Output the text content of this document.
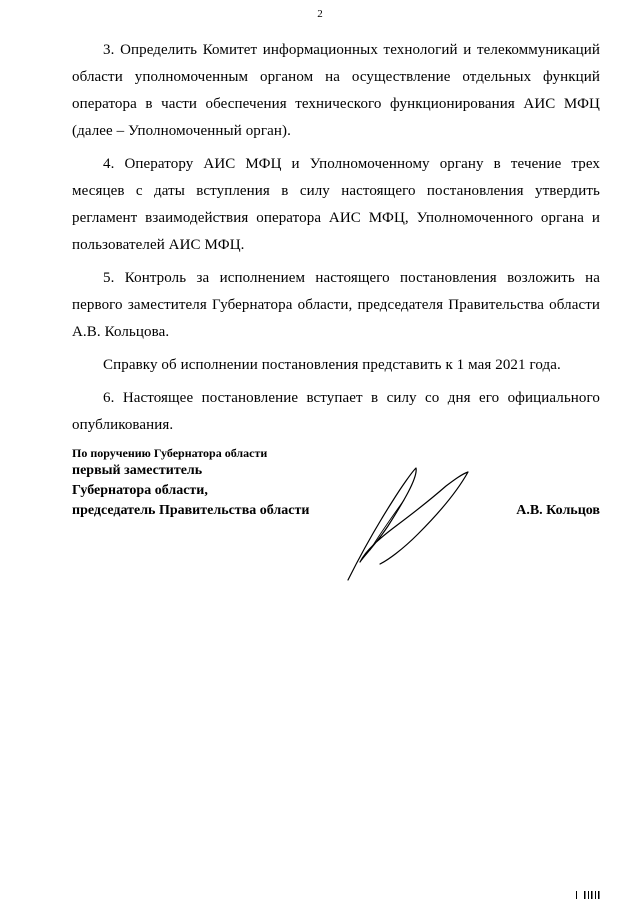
2

3. Определить Комитет информационных технологий и телекоммуникаций области уполномоченным органом на осуществление отдельных функций оператора в части обеспечения технического функционирования АИС МФЦ (далее – Уполномоченный орган).

4. Оператору АИС МФЦ и Уполномоченному органу в течение трех месяцев с даты вступления в силу настоящего постановления утвердить регламент взаимодействия оператора АИС МФЦ, Уполномоченного органа и пользователей АИС МФЦ.

5. Контроль за исполнением настоящего постановления возложить на первого заместителя Губернатора области, председателя Правительства области А.В. Кольцова.

Справку об исполнении постановления представить к 1 мая 2021 года.

6. Настоящее постановление вступает в силу со дня его официального опубликования.

По поручению Губернатора области
первый заместитель
Губернатора области,
председатель Правительства области	А.В. Кольцов
